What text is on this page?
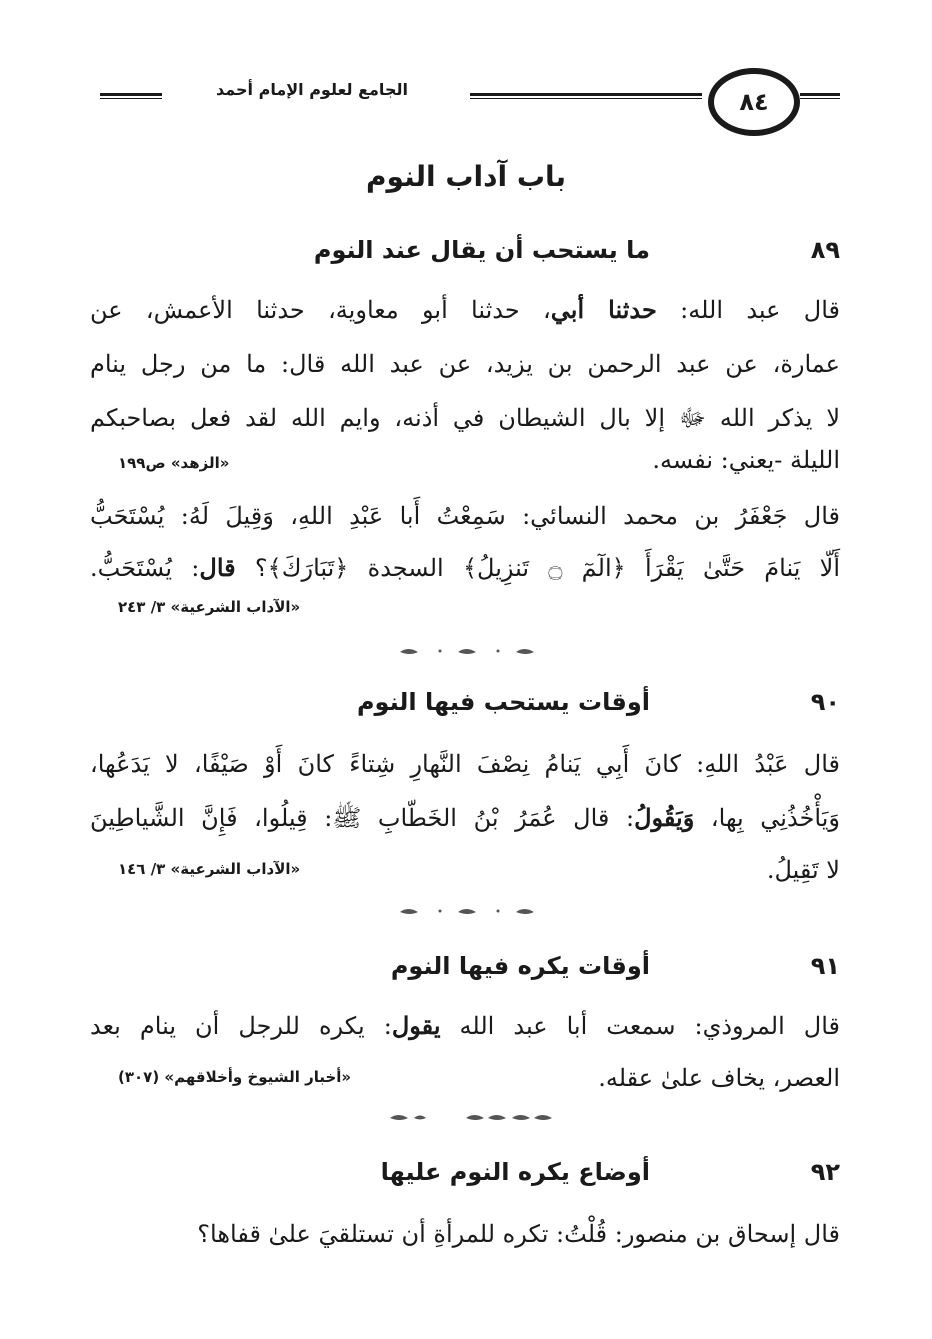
٨٤
الجامع لعلوم الإمام أحمد
باب آداب النوم
٨٩
ما يستحب أن يقال عند النوم
قال عبد الله: حدثنا أبي، حدثنا أبو معاوية، حدثنا الأعمش، عن
عمارة، عن عبد الرحمن بن يزيد، عن عبد الله قال: ما من رجل ينام
لا يذكر الله ﷻ إلا بال الشيطان في أذنه، وايم الله لقد فعل بصاحبكم
الليلة -يعني: نفسه.
«الزهد» ص١٩٩
قال جَعْفَرُ بن محمد النسائي: سَمِعْتُ أَبا عَبْدِ اللهِ، وَقِيلَ لَهُ: يُسْتَحَبُّ
أَلّا يَنامَ حَتَّىٰ يَقْرَأَ ﴿الٓمٓ ۝ تَنزِيلُ﴾ السجدة ﴿تَبَارَكَ﴾؟ قال: يُسْتَحَبُّ.
«الآداب الشرعية» ٣/ ٢٤٣
٩٠
أوقات يستحب فيها النوم
قال عَبْدُ اللهِ: كانَ أَبِي يَنامُ نِصْفَ النَّهارِ شِتاءً كانَ أَوْ صَيْفًا، لا يَدَعُها،
وَيَأْخُذُنِي بِها، وَيَقُولُ: قال عُمَرُ بْنُ الخَطّابِ ﷺ: قِيلُوا، فَإِنَّ الشَّياطِينَ
لا تَقِيلُ.
«الآداب الشرعية» ٣/ ١٤٦
٩١
أوقات يكره فيها النوم
قال المروذي: سمعت أبا عبد الله يقول: يكره للرجل أن ينام بعد
العصر، يخاف علىٰ عقله.
«أخبار الشيوخ وأخلاقهم» (٣٠٧)
٩٢
أوضاع يكره النوم عليها
قال إسحاق بن منصور: قُلْتُ: تكره للمرأةِ أن تستلقيَ علىٰ قفاها؟
